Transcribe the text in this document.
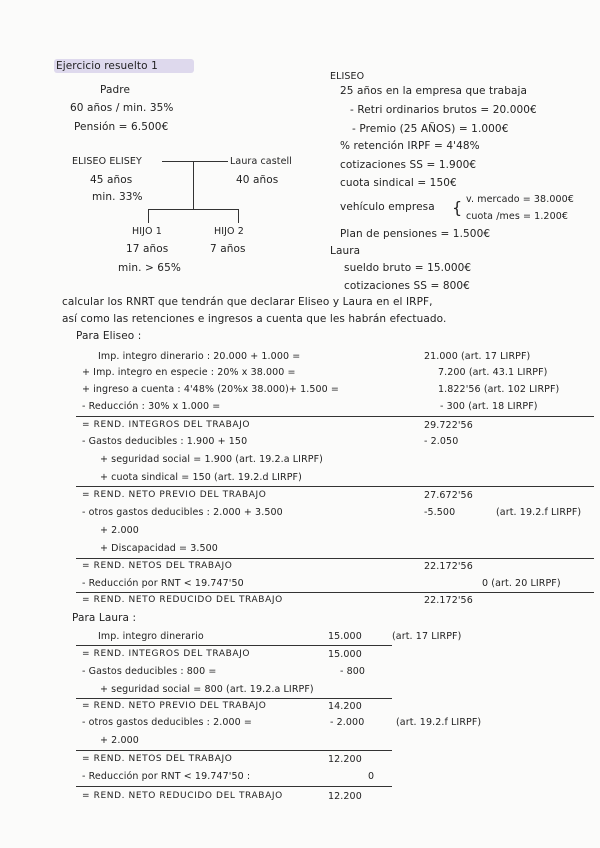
Ejercicio resuelto 1
Padre
60 años / min. 35%
Pensión = 6.500€
ELISEO ELISEY	Laura castell
45 años	40 años
min. 33%
HIJO 1	HIJO 2
17 años	7 años
min. > 65%
ELISEO
25 años en la empresa que trabaja
- Retri ordinarios brutos = 20.000€
- Premio (25 AÑOS) = 1.000€
% retención IRPF = 4'48%
cotizaciones SS = 1.900€
cuota sindical = 150€
vehículo empresa { v. mercado = 38.000€
cuota /mes = 1.200€
Plan de pensiones = 1.500€
Laura
sueldo bruto = 15.000€
cotizaciones SS = 800€
calcular los RNRT que tendrán que declarar Eliseo y Laura en el IRPF,
así como las retenciones e ingresos a cuenta que les habrán efectuado.
Para Eliseo :
Imp. integro dinerario : 20.000 + 1.000 =	21.000 (art. 17 LIRPF)
+ Imp. integro en especie : 20% x 38.000 =	7.200 (art. 43.1 LIRPF)
+ ingreso a cuenta : 4'48% (20%x 38.000)+ 1.500 =	1.822'56 (art. 102 LIRPF)
- Reducción : 30% x 1.000 =	- 300 (art. 18 LIRPF)
= REND. INTEGROS DEL TRABAJO	29.722'56
- Gastos deducibles : 1.900 + 150	- 2.050
+ seguridad social = 1.900 (art. 19.2.a LIRPF)
+ cuota sindical = 150 (art. 19.2.d LIRPF)
= REND. NETO PREVIO DEL TRABAJO	27.672'56
- otros gastos deducibles : 2.000 + 3.500	-5.500	(art. 19.2.f LIRPF)
+ 2.000
+ Discapacidad = 3.500
= REND. NETOS DEL TRABAJO	22.172'56
- Reducción por RNT < 19.747'50	0 (art. 20 LIRPF)
= REND. NETO REDUCIDO DEL TRABAJO	22.172'56
Para Laura :
Imp. integro dinerario	15.000	(art. 17 LIRPF)
= REND. INTEGROS DEL TRABAJO	15.000
- Gastos deducibles : 800 =	- 800
+ seguridad social = 800 (art. 19.2.a LIRPF)
= REND. NETO PREVIO DEL TRABAJO	14.200
- otros gastos deducibles : 2.000 =	- 2.000	(art. 19.2.f LIRPF)
+ 2.000
= REND. NETOS DEL TRABAJO	12.200
- Reducción por RNT < 19.747'50 :	0
= REND. NETO REDUCIDO DEL TRABAJO	12.200
